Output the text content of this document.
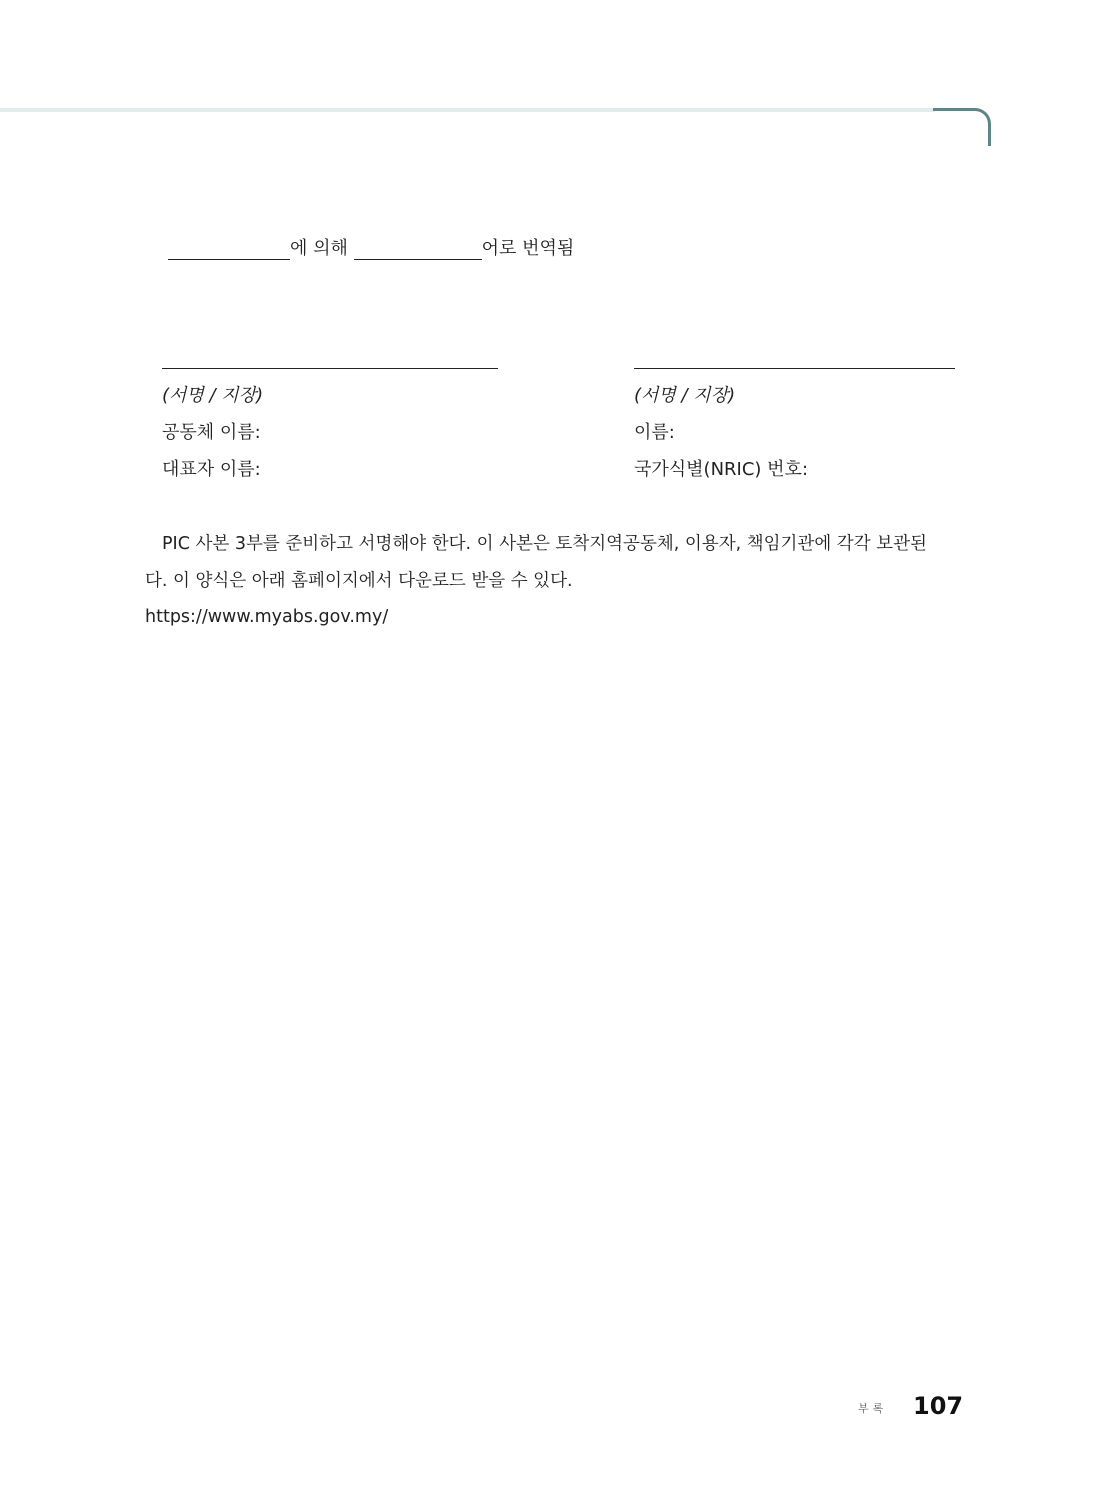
에 의해	어로 번역됨
(서명 / 지장)
공동체 이름:
대표자 이름:
(서명 / 지장)
이름:
국가식별(NRIC) 번호:
PIC 사본 3부를 준비하고 서명해야 한다. 이 사본은 토착지역공동체, 이용자, 책임기관에 각각 보관된
다. 이 양식은 아래 홈페이지에서 다운로드 받을 수 있다.
https://www.myabs.gov.my/
부록 107
